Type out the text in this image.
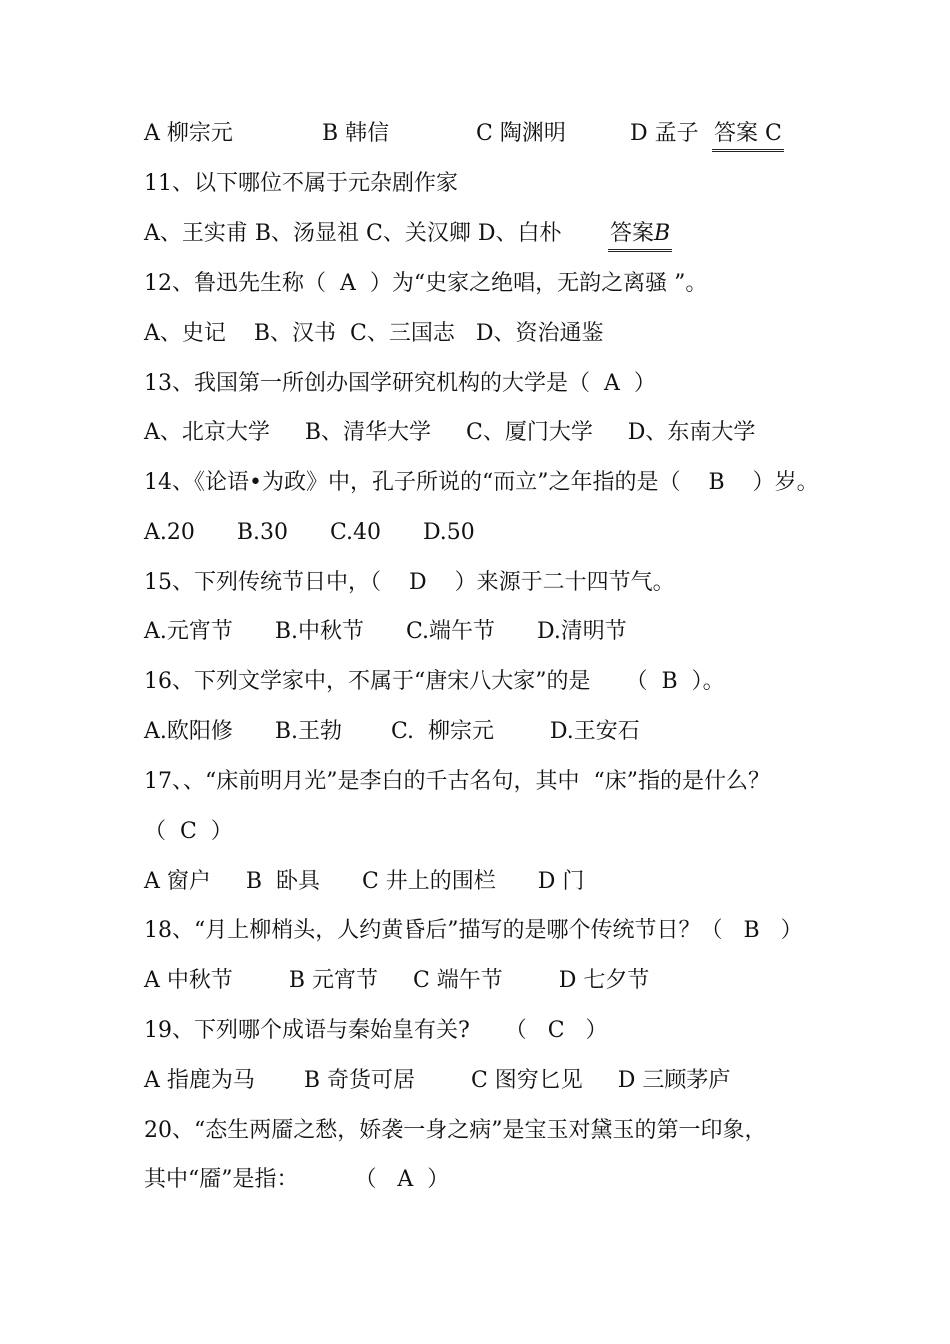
A 柳宗元

	B 韩信

	C 陶渊明

	D 孟子

答案 C

11、以下哪位不属于元杂剧作家

A、王实甫 B、汤显祖 C、关汉卿 D、白朴

答案B

12、鲁迅先生称（  A  ）为“史家之绝唱，无韵之离骚 ”。
A、史记    B、汉书  C、三国志   D、资治通鉴
13、我国第一所创办国学研究机构的大学是（  A  ）
A、北京大学     B、清华大学     C、厦门大学     D、东南大学
14、《论语•为政》中，孔子所说的“而立”之年指的是（    B    ）岁。
A.20      B.30      C.40      D.50
15、下列传统节日中，（    D    ）来源于二十四节气。
A.元宵节      B.中秋节      C.端午节      D.清明节
16、下列文学家中，不属于“唐宋八大家”的是     （  B  ）。
A.欧阳修      B.王勃       C.  柳宗元        D.王安石
17、、“床前明月光”是李白的千古名句，其中  “床”指的是什么？
（  C  ）
A 窗户     B  卧具      C 井上的围栏      D 门
18、“月上柳梢头，人约黄昏后”描写的是哪个传统节日？（   B   ）
A 中秋节        B 元宵节     C 端午节        D 七夕节
19、下列哪个成语与秦始皇有关?     （   C   ）
A 指鹿为马       B 奇货可居        C 图穷匕见     D 三顾茅庐
20、“态生两靥之愁，娇袭一身之病”是宝玉对黛玉的第一印象，
其中“靥”是指：        （   A  ）
